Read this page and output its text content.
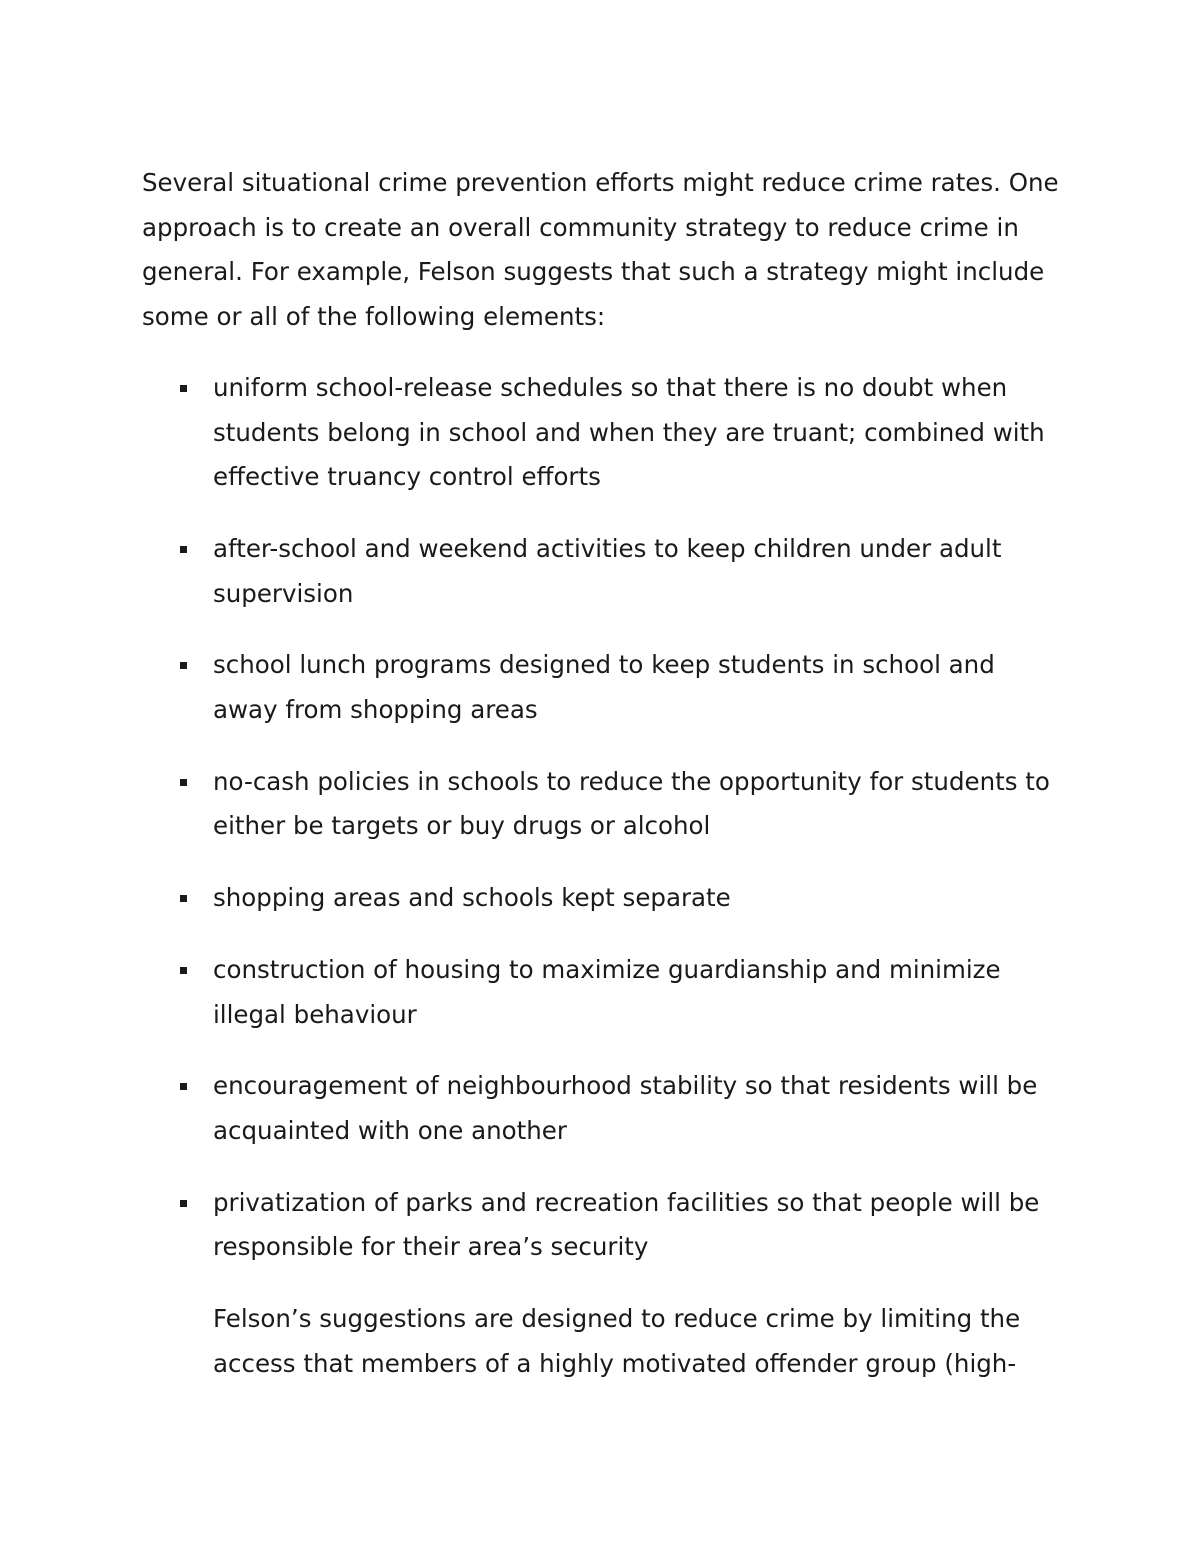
Several situational crime prevention efforts might reduce crime rates. One approach is to create an overall community strategy to reduce crime in general. For example, Felson suggests that such a strategy might include some or all of the following elements:

uniform school-release schedules so that there is no doubt when students belong in school and when they are truant; combined with effective truancy control efforts
after-school and weekend activities to keep children under adult supervision
school lunch programs designed to keep students in school and away from shopping areas
no-cash policies in schools to reduce the opportunity for students to either be targets or buy drugs or alcohol
shopping areas and schools kept separate
construction of housing to maximize guardianship and minimize illegal behaviour
encouragement of neighbourhood stability so that residents will be acquainted with one another
privatization of parks and recreation facilities so that people will be responsible for their area’s security

Felson’s suggestions are designed to reduce crime by limiting the access that members of a highly motivated offender group (high-
